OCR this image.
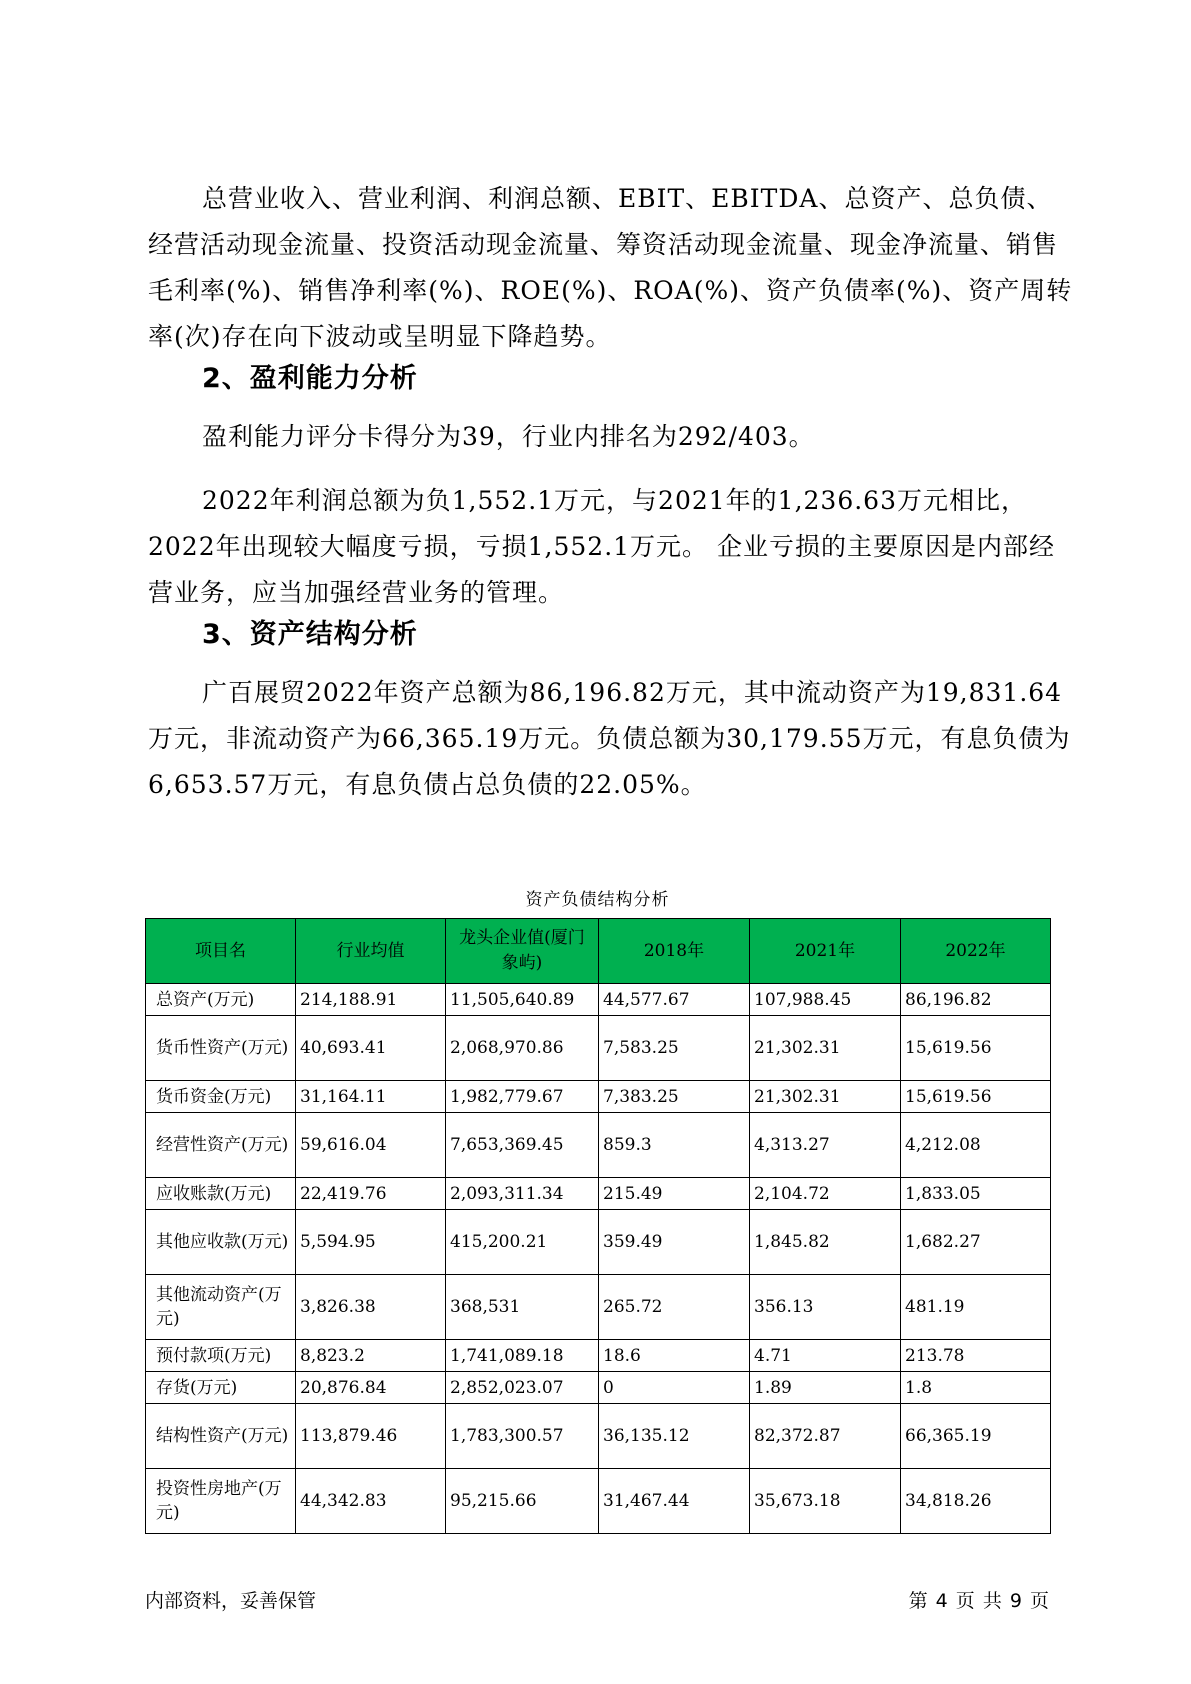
总营业收入、营业利润、利润总额、EBIT、EBITDA、总资产、总负债、经营活动现金流量、投资活动现金流量、筹资活动现金流量、现金净流量、销售毛利率(%)、销售净利率(%)、ROE(%)、ROA(%)、资产负债率(%)、资产周转率(次)存在向下波动或呈明显下降趋势。

2、盈利能力分析

盈利能力评分卡得分为39，行业内排名为292/403。

2022年利润总额为负1,552.1万元，与2021年的1,236.63万元相比，2022年出现较大幅度亏损，亏损1,552.1万元。 企业亏损的主要原因是内部经营业务，应当加强经营业务的管理。

3、资产结构分析

广百展贸2022年资产总额为86,196.82万元，其中流动资产为19,831.64万元，非流动资产为66,365.19万元。负债总额为30,179.55万元，有息负债为6,653.57万元，有息负债占总负债的22.05%。

资产负债结构分析
项目名	行业均值	龙头企业值(厦门象屿)	2018年	2021年	2022年
总资产(万元)	214,188.91	11,505,640.89	44,577.67	107,988.45	86,196.82
货币性资产(万元)	40,693.41	2,068,970.86	7,583.25	21,302.31	15,619.56
货币资金(万元)	31,164.11	1,982,779.67	7,383.25	21,302.31	15,619.56
经营性资产(万元)	59,616.04	7,653,369.45	859.3	4,313.27	4,212.08
应收账款(万元)	22,419.76	2,093,311.34	215.49	2,104.72	1,833.05
其他应收款(万元)	5,594.95	415,200.21	359.49	1,845.82	1,682.27
其他流动资产(万元)	3,826.38	368,531	265.72	356.13	481.19
预付款项(万元)	8,823.2	1,741,089.18	18.6	4.71	213.78
存货(万元)	20,876.84	2,852,023.07	0	1.89	1.8
结构性资产(万元)	113,879.46	1,783,300.57	36,135.12	82,372.87	66,365.19
投资性房地产(万元)	44,342.83	95,215.66	31,467.44	35,673.18	34,818.26
内部资料，妥善保管	第 4 页 共 9 页
